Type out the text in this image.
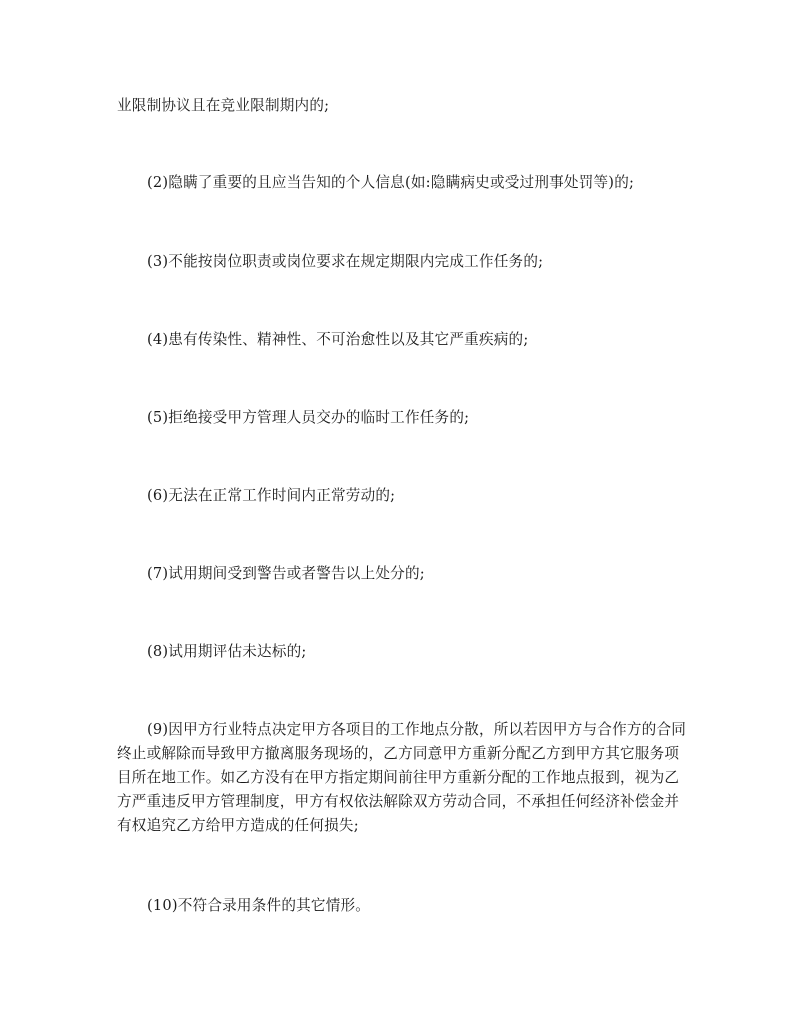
业限制协议且在竞业限制期内的;

(2)隐瞒了重要的且应当告知的个人信息(如:隐瞒病史或受过刑事处罚等)的;

(3)不能按岗位职责或岗位要求在规定期限内完成工作任务的;

(4)患有传染性、精神性、不可治愈性以及其它严重疾病的;

(5)拒绝接受甲方管理人员交办的临时工作任务的;

(6)无法在正常工作时间内正常劳动的;

(7)试用期间受到警告或者警告以上处分的;

(8)试用期评估未达标的;

(9)因甲方行业特点决定甲方各项目的工作地点分散，所以若因甲方与合作方的合同终止或解除而导致甲方撤离服务现场的，乙方同意甲方重新分配乙方到甲方其它服务项目所在地工作。如乙方没有在甲方指定期间前往甲方重新分配的工作地点报到，视为乙方严重违反甲方管理制度，甲方有权依法解除双方劳动合同，不承担任何经济补偿金并有权追究乙方给甲方造成的任何损失;

(10)不符合录用条件的其它情形。
